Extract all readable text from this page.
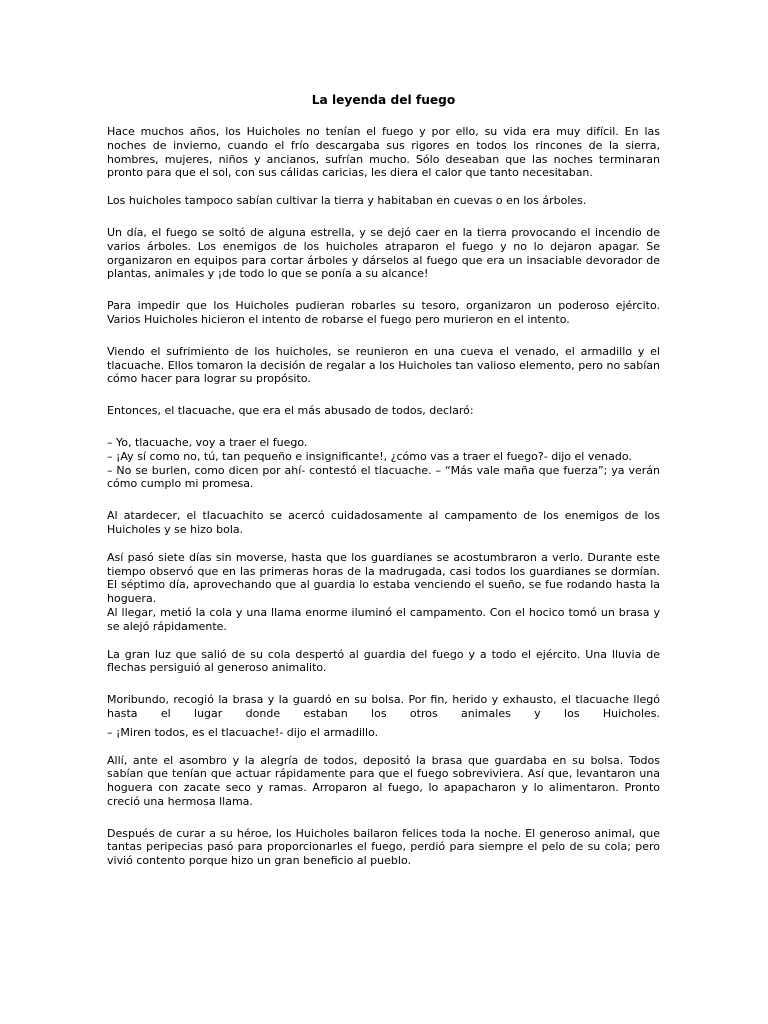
La leyenda del fuego

Hace muchos años, los Huicholes no tenían el fuego y por ello, su vida era muy difícil. En las noches de invierno, cuando el frío descargaba sus rigores en todos los rincones de la sierra, hombres, mujeres, niños y ancianos, sufrían mucho. Sólo deseaban que las noches terminaran pronto para que el sol, con sus cálidas caricias, les diera el calor que tanto necesitaban.

Los huicholes tampoco sabían cultivar la tierra y habitaban en cuevas o en los árboles.

Un día, el fuego se soltó de alguna estrella, y se dejó caer en la tierra provocando el incendio de varios árboles. Los enemigos de los huicholes atraparon el fuego y no lo dejaron apagar. Se organizaron en equipos para cortar árboles y dárselos al fuego que era un insaciable devorador de plantas, animales y ¡de todo lo que se ponía a su alcance!

Para impedir que los Huicholes pudieran robarles su tesoro, organizaron un poderoso ejército. Varios Huicholes hicieron el intento de robarse el fuego pero murieron en el intento.

Viendo el sufrimiento de los huicholes, se reunieron en una cueva el venado, el armadillo y el tlacuache. Ellos tomaron la decisión de regalar a los Huicholes tan valioso elemento, pero no sabían cómo hacer para lograr su propósito.

Entonces, el tlacuache, que era el más abusado de todos, declaró:

– Yo, tlacuache, voy a traer el fuego.
– ¡Ay sí como no, tú, tan pequeño e insignificante!, ¿cómo vas a traer el fuego?- dijo el venado.
– No se burlen, como dicen por ahí- contestó el tlacuache. – “Más vale maña que fuerza”; ya verán cómo cumplo mi promesa.

Al atardecer, el tlacuachito se acercó cuidadosamente al campamento de los enemigos de los Huicholes y se hizo bola.

Así pasó siete días sin moverse, hasta que los guardianes se acostumbraron a verlo. Durante este tiempo observó que en las primeras horas de la madrugada, casi todos los guardianes se dormían. El séptimo día, aprovechando que al guardia lo estaba venciendo el sueño, se fue rodando hasta la hoguera.
Al llegar, metió la cola y una llama enorme iluminó el campamento. Con el hocico tomó un brasa y se alejó rápidamente.

La gran luz que salió de su cola despertó al guardia del fuego y a todo el ejército. Una lluvia de flechas persiguió al generoso animalito.

Moribundo, recogió la brasa y la guardó en su bolsa. Por fin, herido y exhausto, el tlacuache llegó hasta el lugar donde estaban los otros animales y los Huicholes.

– ¡Miren todos, es el tlacuache!- dijo el armadillo.

Allí, ante el asombro y la alegría de todos, depositó la brasa que guardaba en su bolsa. Todos sabían que tenían que actuar rápidamente para que el fuego sobreviviera. Así que, levantaron una hoguera con zacate seco y ramas. Arroparon al fuego, lo apapacharon y lo alimentaron. Pronto creció una hermosa llama.

Después de curar a su héroe, los Huicholes bailaron felices toda la noche. El generoso animal, que tantas peripecias pasó para proporcionarles el fuego, perdió para siempre el pelo de su cola; pero vivió contento porque hizo un gran beneficio al pueblo.
